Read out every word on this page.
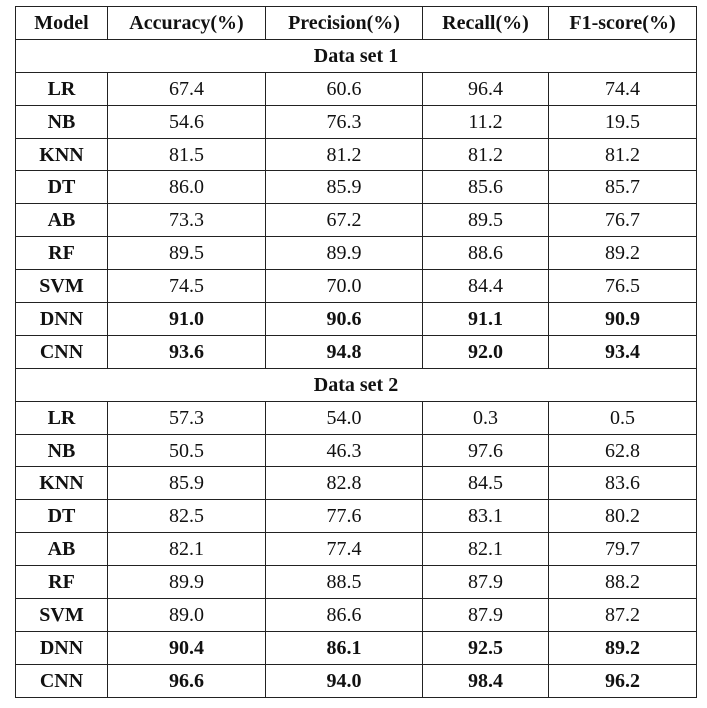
Model	Accuracy(%)	Precision(%)	Recall(%)	F1-score(%)
Data set 1				
LR	67.4	60.6	96.4	74.4
NB	54.6	76.3	11.2	19.5
KNN	81.5	81.2	81.2	81.2
DT	86.0	85.9	85.6	85.7
AB	73.3	67.2	89.5	76.7
RF	89.5	89.9	88.6	89.2
SVM	74.5	70.0	84.4	76.5
DNN	91.0	90.6	91.1	90.9
CNN	93.6	94.8	92.0	93.4
Data set 2				
LR	57.3	54.0	0.3	0.5
NB	50.5	46.3	97.6	62.8
KNN	85.9	82.8	84.5	83.6
DT	82.5	77.6	83.1	80.2
AB	82.1	77.4	82.1	79.7
RF	89.9	88.5	87.9	88.2
SVM	89.0	86.6	87.9	87.2
DNN	90.4	86.1	92.5	89.2
CNN	96.6	94.0	98.4	96.2
